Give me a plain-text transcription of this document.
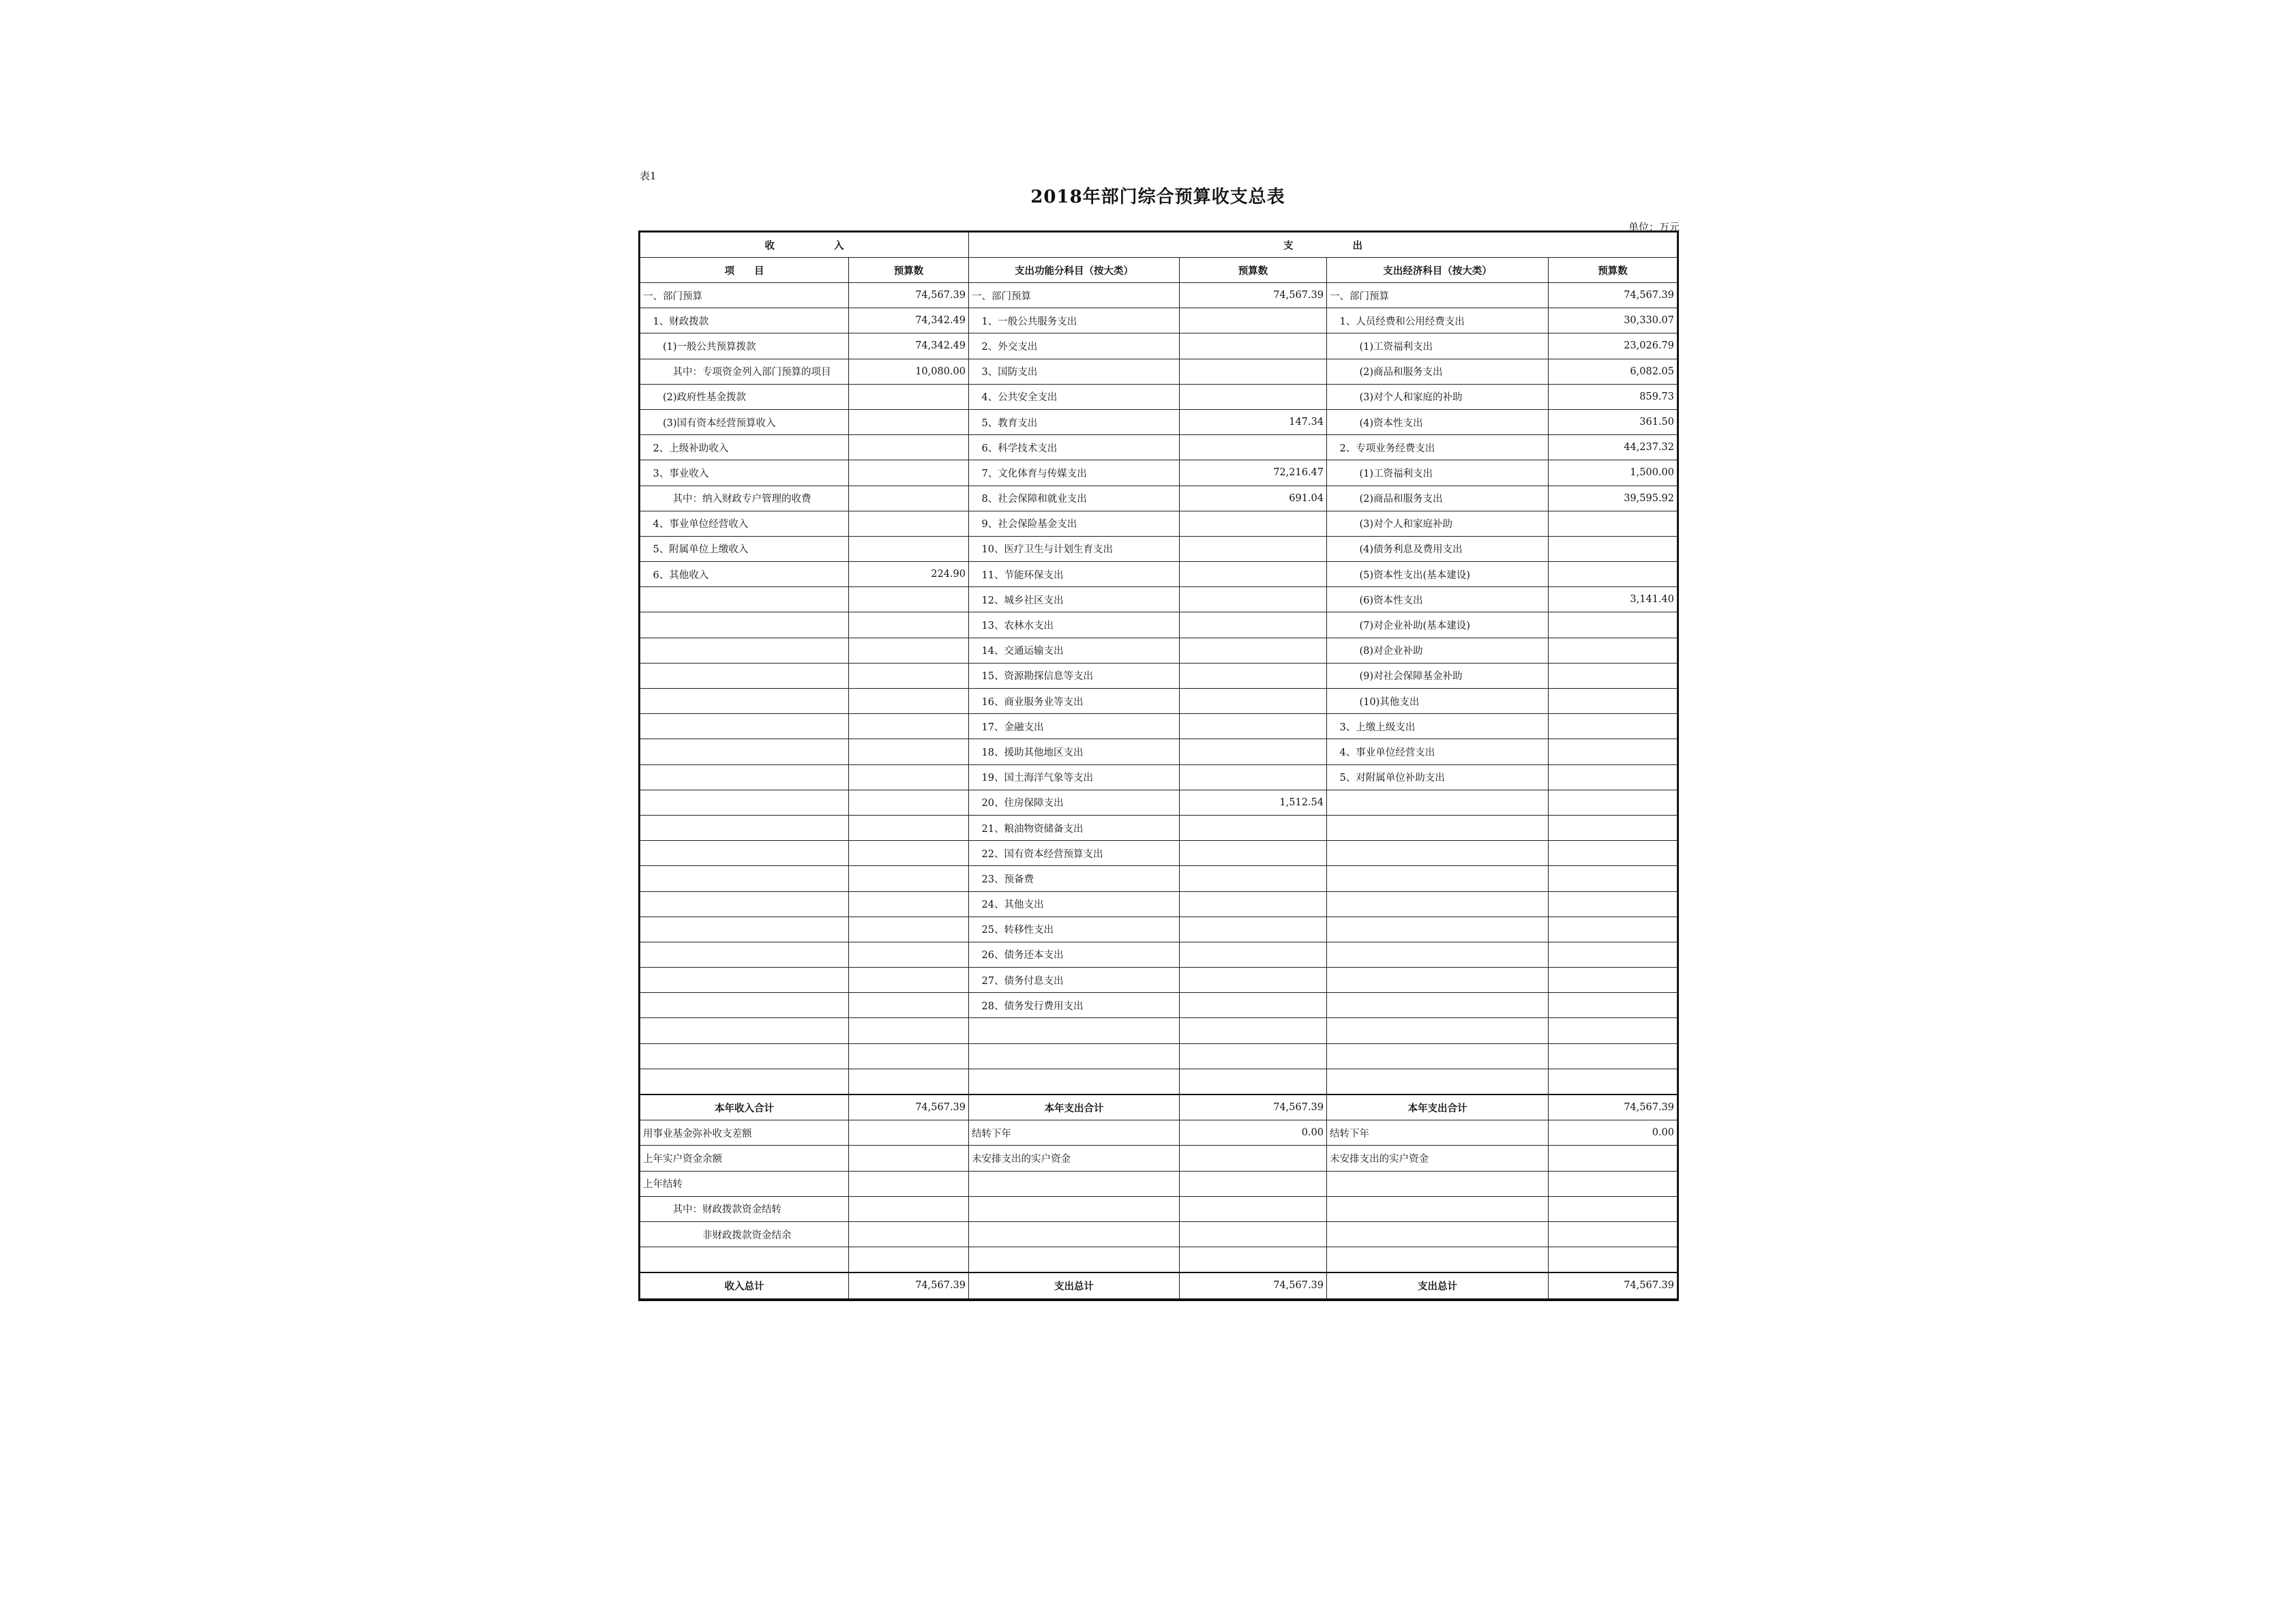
表1
2018年部门综合预算收支总表
单位：万元
收　　　　　　入		支　　　　　　出			
项　　目	预算数	支出功能分科目（按大类）	预算数	支出经济科目（按大类）	预算数
一、部门预算	74,567.39	一、部门预算	74,567.39	一、部门预算	74,567.39
　1、财政拨款	74,342.49	　1、一般公共服务支出		　1、人员经费和公用经费支出	30,330.07
　　(1)一般公共预算拨款	74,342.49	　2、外交支出		　　　(1)工资福利支出	23,026.79
　　　其中：专项资金列入部门预算的项目	10,080.00	　3、国防支出		　　　(2)商品和服务支出	6,082.05
　　(2)政府性基金拨款		　4、公共安全支出		　　　(3)对个人和家庭的补助	859.73
　　(3)国有资本经营预算收入		　5、教育支出	147.34	　　　(4)资本性支出	361.50
　2、上级补助收入		　6、科学技术支出		　2、专项业务经费支出	44,237.32
　3、事业收入		　7、文化体育与传媒支出	72,216.47	　　　(1)工资福利支出	1,500.00
　　　其中：纳入财政专户管理的收费		　8、社会保障和就业支出	691.04	　　　(2)商品和服务支出	39,595.92
　4、事业单位经营收入		　9、社会保险基金支出		　　　(3)对个人和家庭补助	
　5、附属单位上缴收入		　10、医疗卫生与计划生育支出		　　　(4)债务利息及费用支出	
　6、其他收入	224.90	　11、节能环保支出		　　　(5)资本性支出(基本建设)	
		　12、城乡社区支出		　　　(6)资本性支出	3,141.40
		　13、农林水支出		　　　(7)对企业补助(基本建设)	
		　14、交通运输支出		　　　(8)对企业补助	
		　15、资源勘探信息等支出		　　　(9)对社会保障基金补助	
		　16、商业服务业等支出		　　　(10)其他支出	
		　17、金融支出		　3、上缴上级支出	
		　18、援助其他地区支出		　4、事业单位经营支出	
		　19、国土海洋气象等支出		　5、对附属单位补助支出	
		　20、住房保障支出	1,512.54		
		　21、粮油物资储备支出			
		　22、国有资本经营预算支出			
		　23、预备费			
		　24、其他支出			
		　25、转移性支出			
		　26、债务还本支出			
		　27、债务付息支出			
		　28、债务发行费用支出			

本年收入合计	74,567.39	本年支出合计	74,567.39	本年支出合计	74,567.39
用事业基金弥补收支差额		结转下年	0.00	结转下年	0.00
上年实户资金余额		未安排支出的实户资金		未安排支出的实户资金	
上年结转					
　　　其中：财政拨款资金结转					
　　　　　　非财政拨款资金结余					

收入总计	74,567.39	支出总计	74,567.39	支出总计	74,567.39
